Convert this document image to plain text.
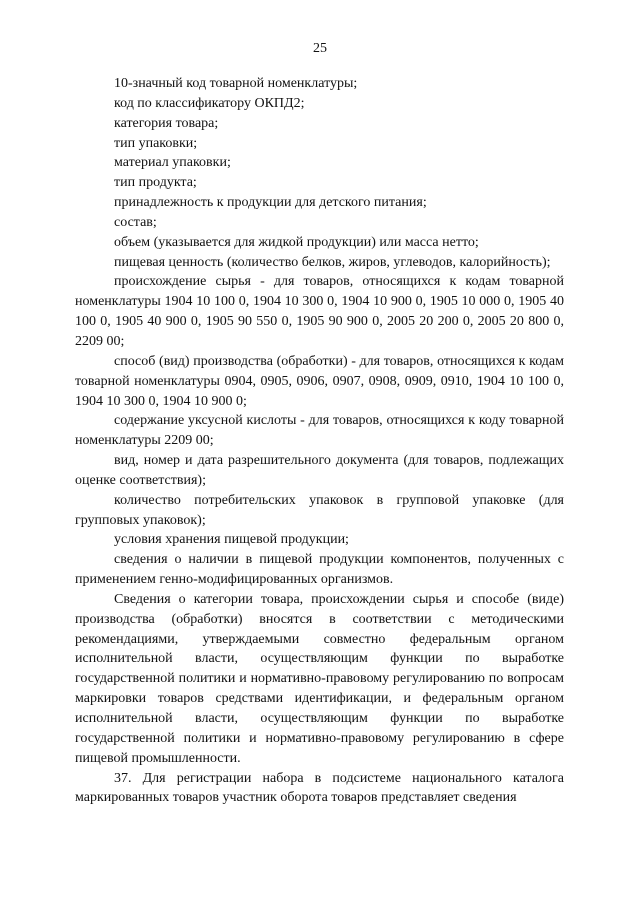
25

10-значный код товарной номенклатуры;

код по классификатору ОКПД2;

категория товара;

тип упаковки;

материал упаковки;

тип продукта;

принадлежность к продукции для детского питания;

состав;

объем (указывается для жидкой продукции) или масса нетто;

пищевая ценность (количество белков, жиров, углеводов, калорийность);

происхождение сырья - для товаров, относящихся к кодам товарной номенклатуры 1904 10 100 0, 1904 10 300 0, 1904 10 900 0, 1905 10 000 0, 1905 40 100 0, 1905 40 900 0, 1905 90 550 0, 1905 90 900 0, 2005 20 200 0, 2005 20 800 0, 2209 00;

способ (вид) производства (обработки) - для товаров, относящихся к кодам товарной номенклатуры 0904, 0905, 0906, 0907, 0908, 0909, 0910, 1904 10 100 0, 1904 10 300 0, 1904 10 900 0;

содержание уксусной кислоты - для товаров, относящихся к коду товарной номенклатуры 2209 00;

вид, номер и дата разрешительного документа (для товаров, подлежащих оценке соответствия);

количество потребительских упаковок в групповой упаковке (для групповых упаковок);

условия хранения пищевой продукции;

сведения о наличии в пищевой продукции компонентов, полученных с применением генно-модифицированных организмов.

Сведения о категории товара, происхождении сырья и способе (виде) производства (обработки) вносятся в соответствии с методическими рекомендациями, утверждаемыми совместно федеральным органом исполнительной власти, осуществляющим функции по выработке государственной политики и нормативно-правовому регулированию по вопросам маркировки товаров средствами идентификации, и федеральным органом исполнительной власти, осуществляющим функции по выработке государственной политики и нормативно-правовому регулированию в сфере пищевой промышленности.

37. Для регистрации набора в подсистеме национального каталога маркированных товаров участник оборота товаров представляет сведения
